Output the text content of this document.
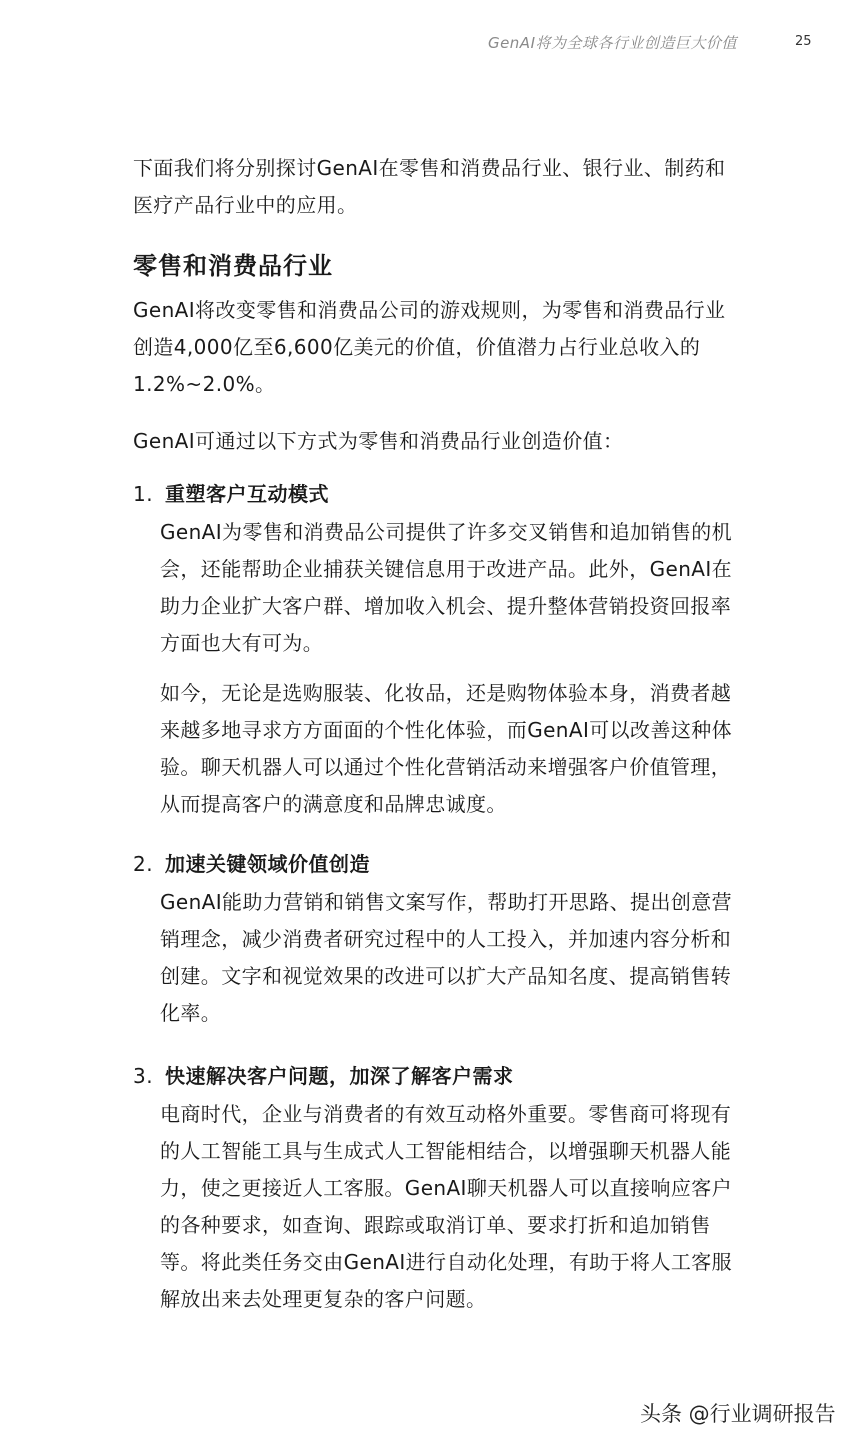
GenAI将为全球各行业创造巨大价值	25

下面我们将分别探讨GenAI在零售和消费品行业、银行业、制药和医疗产品行业中的应用。

零售和消费品行业

GenAI将改变零售和消费品公司的游戏规则，为零售和消费品行业创造4,000亿至6,600亿美元的价值，价值潜力占行业总收入的1.2%~2.0%。

GenAI可通过以下方式为零售和消费品行业创造价值：

1. 重塑客户互动模式

GenAI为零售和消费品公司提供了许多交叉销售和追加销售的机会，还能帮助企业捕获关键信息用于改进产品。此外，GenAI在助力企业扩大客户群、增加收入机会、提升整体营销投资回报率方面也大有可为。

如今，无论是选购服装、化妆品，还是购物体验本身，消费者越来越多地寻求方方面面的个性化体验，而GenAI可以改善这种体验。聊天机器人可以通过个性化营销活动来增强客户价值管理，从而提高客户的满意度和品牌忠诚度。

2. 加速关键领域价值创造

GenAI能助力营销和销售文案写作，帮助打开思路、提出创意营销理念，减少消费者研究过程中的人工投入，并加速内容分析和创建。文字和视觉效果的改进可以扩大产品知名度、提高销售转化率。

3. 快速解决客户问题，加深了解客户需求

电商时代，企业与消费者的有效互动格外重要。零售商可将现有的人工智能工具与生成式人工智能相结合，以增强聊天机器人能力，使之更接近人工客服。GenAI聊天机器人可以直接响应客户的各种要求，如查询、跟踪或取消订单、要求打折和追加销售等。将此类任务交由GenAI进行自动化处理，有助于将人工客服解放出来去处理更复杂的客户问题。

头条 @行业调研报告
